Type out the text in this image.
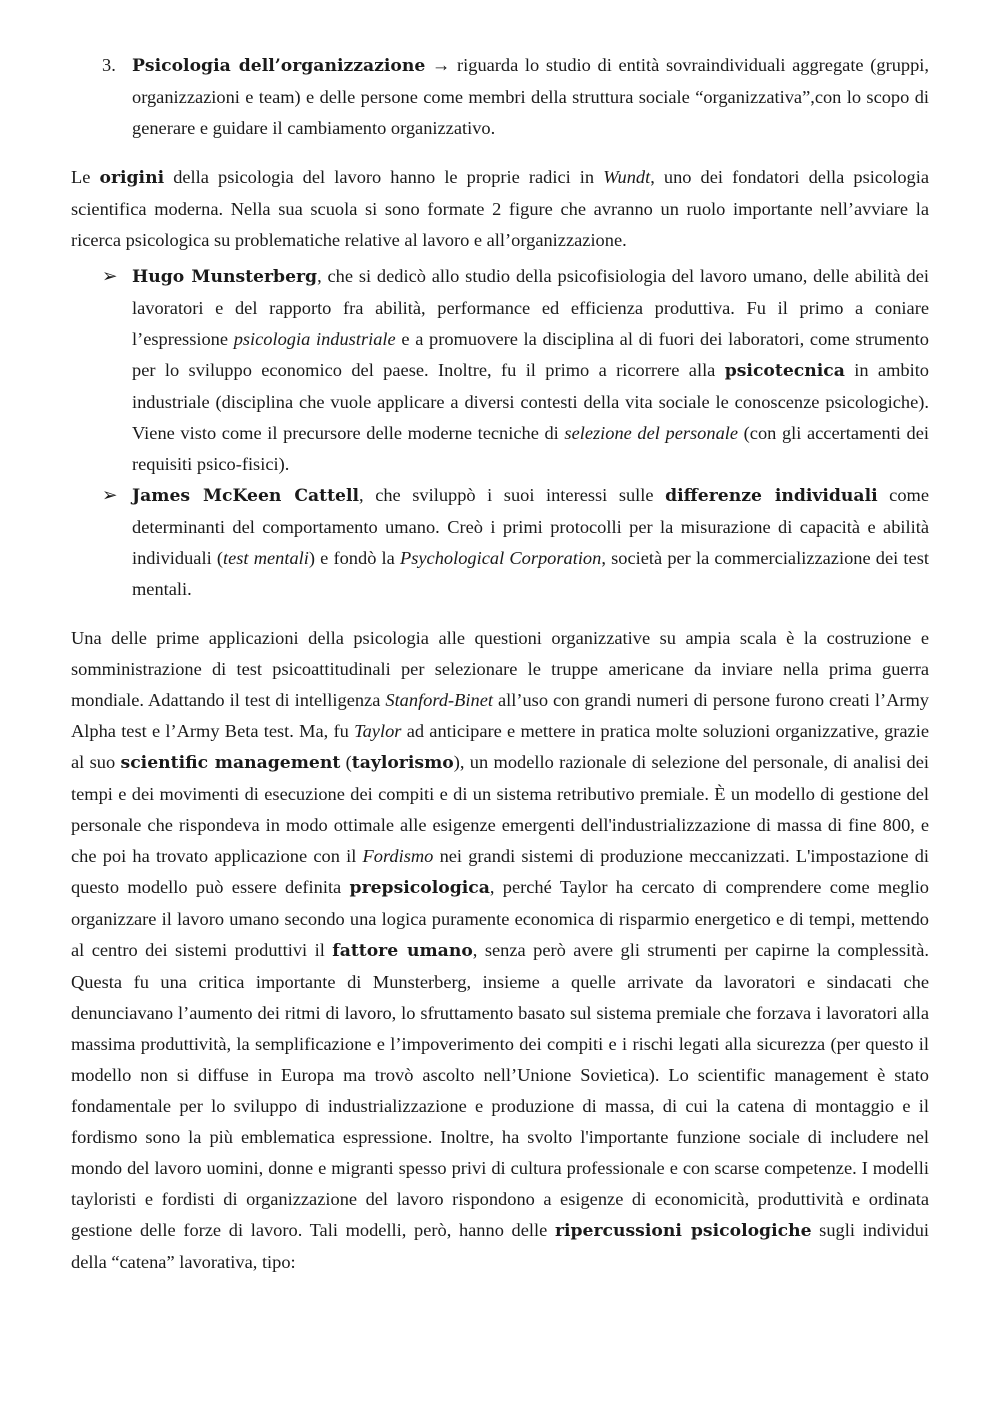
3. Psicologia dell’organizzazione → riguarda lo studio di entità sovraindividuali aggregate (gruppi, organizzazioni e team) e delle persone come membri della struttura sociale “organizzativa”,con lo scopo di generare e guidare il cambiamento organizzativo.

Le origini della psicologia del lavoro hanno le proprie radici in Wundt, uno dei fondatori della psicologia scientifica moderna. Nella sua scuola si sono formate 2 figure che avranno un ruolo importante nell’avviare la ricerca psicologica su problematiche relative al lavoro e all’organizzazione.

➢ Hugo Munsterberg, che si dedicò allo studio della psicofisiologia del lavoro umano, delle abilità dei lavoratori e del rapporto fra abilità, performance ed efficienza produttiva. Fu il primo a coniare l’espressione psicologia industriale e a promuovere la disciplina al di fuori dei laboratori, come strumento per lo sviluppo economico del paese. Inoltre, fu il primo a ricorrere alla psicotecnica in ambito industriale (disciplina che vuole applicare a diversi contesti della vita sociale le conoscenze psicologiche). Viene visto come il precursore delle moderne tecniche di selezione del personale (con gli accertamenti dei requisiti psico-fisici).

➢ James McKeen Cattell, che sviluppò i suoi interessi sulle differenze individuali come determinanti del comportamento umano. Creò i primi protocolli per la misurazione di capacità e abilità individuali (test mentali) e fondò la Psychological Corporation, società per la commercializzazione dei test mentali.

Una delle prime applicazioni della psicologia alle questioni organizzative su ampia scala è la costruzione e somministrazione di test psicoattitudinali per selezionare le truppe americane da inviare nella prima guerra mondiale. Adattando il test di intelligenza Stanford-Binet all’uso con grandi numeri di persone furono creati l’Army Alpha test e l’Army Beta test. Ma, fu Taylor ad anticipare e mettere in pratica molte soluzioni organizzative, grazie al suo scientific management (taylorismo), un modello razionale di selezione del personale, di analisi dei tempi e dei movimenti di esecuzione dei compiti e di un sistema retributivo premiale. È un modello di gestione del personale che rispondeva in modo ottimale alle esigenze emergenti dell'industrializzazione di massa di fine 800, e che poi ha trovato applicazione con il Fordismo nei grandi sistemi di produzione meccanizzati. L'impostazione di questo modello può essere definita prepsicologica, perché Taylor ha cercato di comprendere come meglio organizzare il lavoro umano secondo una logica puramente economica di risparmio energetico e di tempi, mettendo al centro dei sistemi produttivi il fattore umano, senza però avere gli strumenti per capirne la complessità. Questa fu una critica importante di Munsterberg, insieme a quelle arrivate da lavoratori e sindacati che denunciavano l’aumento dei ritmi di lavoro, lo sfruttamento basato sul sistema premiale che forzava i lavoratori alla massima produttività, la semplificazione e l’impoverimento dei compiti e i rischi legati alla sicurezza (per questo il modello non si diffuse in Europa ma trovò ascolto nell’Unione Sovietica). Lo scientific management è stato fondamentale per lo sviluppo di industrializzazione e produzione di massa, di cui la catena di montaggio e il fordismo sono la più emblematica espressione. Inoltre, ha svolto l'importante funzione sociale di includere nel mondo del lavoro uomini, donne e migranti spesso privi di cultura professionale e con scarse competenze. I modelli tayloristi e fordisti di organizzazione del lavoro rispondono a esigenze di economicità, produttività e ordinata gestione delle forze di lavoro. Tali modelli, però, hanno delle ripercussioni psicologiche sugli individui della “catena” lavorativa, tipo:
